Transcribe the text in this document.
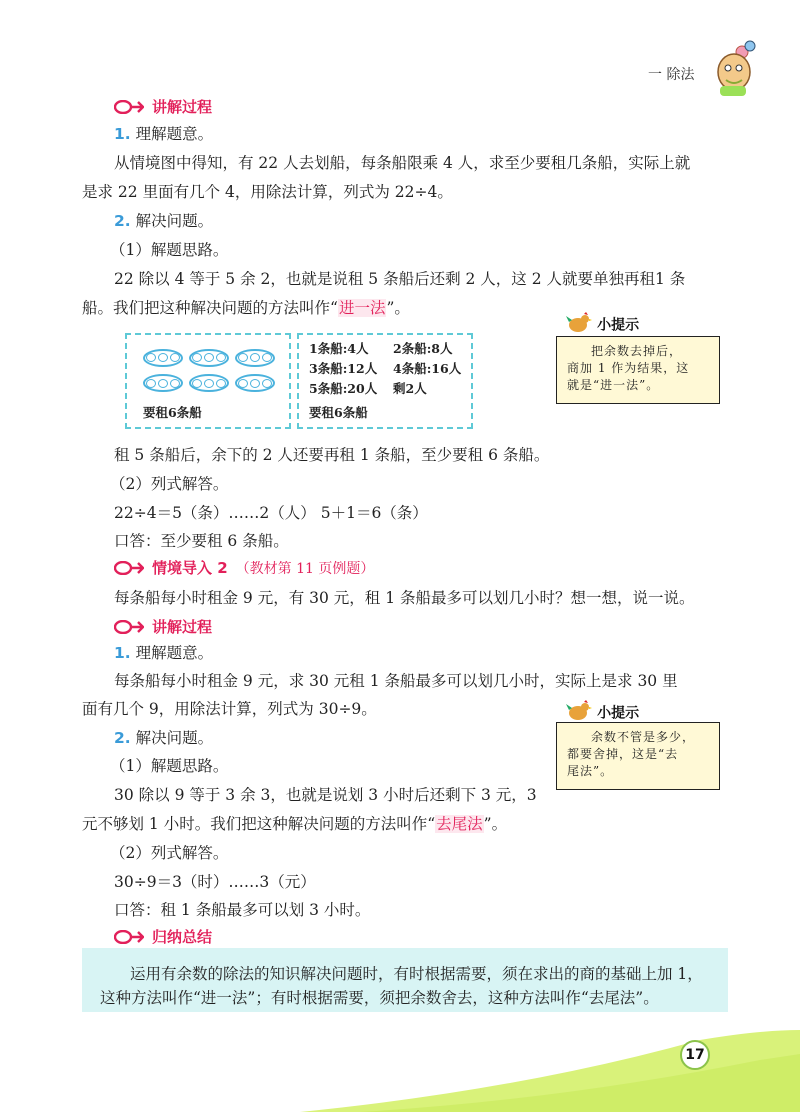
一 除法
讲解过程
1. 理解题意。
从情境图中得知，有 22 人去划船，每条船限乘 4 人，求至少要租几条船，实际上就
是求 22 里面有几个 4，用除法计算，列式为 22÷4。
2. 解决问题。
（1）解题思路。
22 除以 4 等于 5 余 2，也就是说租 5 条船后还剩 2 人，这 2 人就要单独再租1 条
船。我们把这种解决问题的方法叫作“进一法”。
要租6条船
1条船:4人 2条船:8人
3条船:12人 4条船:16人
5条船:20人 剩2人
要租6条船
小提示
把余数去掉后，
商加 1 作为结果，这
就是“进一法”。
租 5 条船后，余下的 2 人还要再租 1 条船，至少要租 6 条船。
（2）列式解答。
22÷4＝5（条）……2（人） 5＋1＝6（条）
口答：至少要租 6 条船。
情境导入 2 （教材第 11 页例题）
每条船每小时租金 9 元，有 30 元，租 1 条船最多可以划几小时？想一想，说一说。
讲解过程
1. 理解题意。
每条船每小时租金 9 元，求 30 元租 1 条船最多可以划几小时，实际上是求 30 里
面有几个 9，用除法计算，列式为 30÷9。
2. 解决问题。
（1）解题思路。
30 除以 9 等于 3 余 3，也就是说划 3 小时后还剩下 3 元，3
元不够划 1 小时。我们把这种解决问题的方法叫作“去尾法”。
（2）列式解答。
30÷9＝3（时）……3（元）
口答：租 1 条船最多可以划 3 小时。
小提示
余数不管是多少，
都要舍掉，这是“去
尾法”。
归纳总结
运用有余数的除法的知识解决问题时，有时根据需要，须在求出的商的基础上加 1，
这种方法叫作“进一法”；有时根据需要，须把余数舍去，这种方法叫作“去尾法”。
17
